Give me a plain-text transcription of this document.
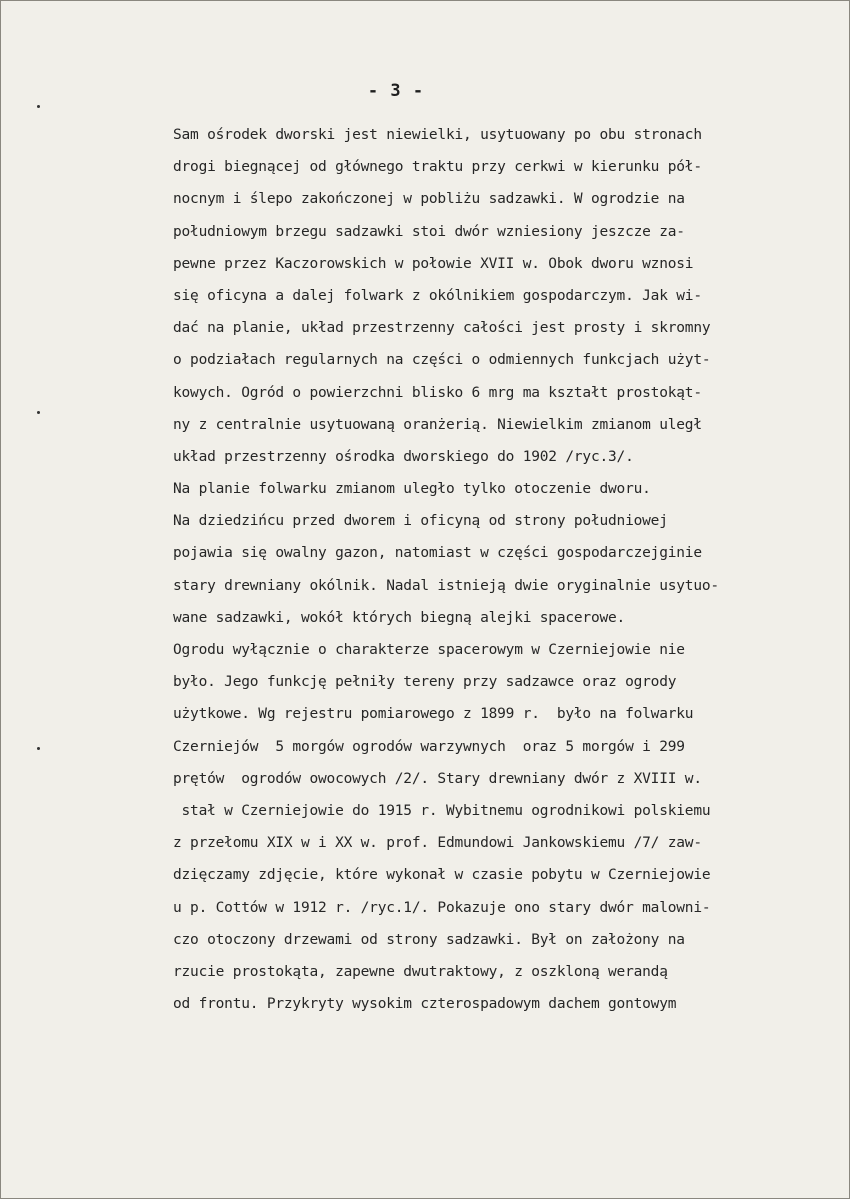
- 3 -
Sam ośrodek dworski jest niewielki, usytuowany po obu stronach
drogi biegnącej od głównego traktu przy cerkwi w kierunku pół-
nocnym i ślepo zakończonej w pobliżu sadzawki. W ogrodzie na
południowym brzegu sadzawki stoi dwór wzniesiony jeszcze za-
pewne przez Kaczorowskich w połowie XVII w. Obok dworu wznosi
się oficyna a dalej folwark z okólnikiem gospodarczym. Jak wi-
dać na planie, układ przestrzenny całości jest prosty i skromny
o podziałach regularnych na części o odmiennych funkcjach użyt-
kowych. Ogród o powierzchni blisko 6 mrg ma kształt prostokąt-
ny z centralnie usytuowaną oranżerią. Niewielkim zmianom uległ
układ przestrzenny ośrodka dworskiego do 1902 /ryc.3/.
Na planie folwarku zmianom uległo tylko otoczenie dworu.
Na dziedzińcu przed dworem i oficyną od strony południowej
pojawia się owalny gazon, natomiast w części gospodarczejginie
stary drewniany okólnik. Nadal istnieją dwie oryginalnie usytuo-
wane sadzawki, wokół których biegną alejki spacerowe.
Ogrodu wyłącznie o charakterze spacerowym w Czerniejowie nie
było. Jego funkcję pełniły tereny przy sadzawce oraz ogrody
użytkowe. Wg rejestru pomiarowego z 1899 r.  było na folwarku
Czerniejów  5 morgów ogrodów warzywnych  oraz 5 morgów i 299
prętów  ogrodów owocowych /2/. Stary drewniany dwór z XVIII w.
stał w Czerniejowie do 1915 r. Wybitnemu ogrodnikowi polskiemu
z przełomu XIX w i XX w. prof. Edmundowi Jankowskiemu /7/ zaw-
dzięczamy zdjęcie, które wykonał w czasie pobytu w Czerniejowie
u p. Cottów w 1912 r. /ryc.1/. Pokazuje ono stary dwór malowni-
czo otoczony drzewami od strony sadzawki. Był on założony na
rzucie prostokąta, zapewne dwutraktowy, z oszkloną werandą
od frontu. Przykryty wysokim czterospadowym dachem gontowym
